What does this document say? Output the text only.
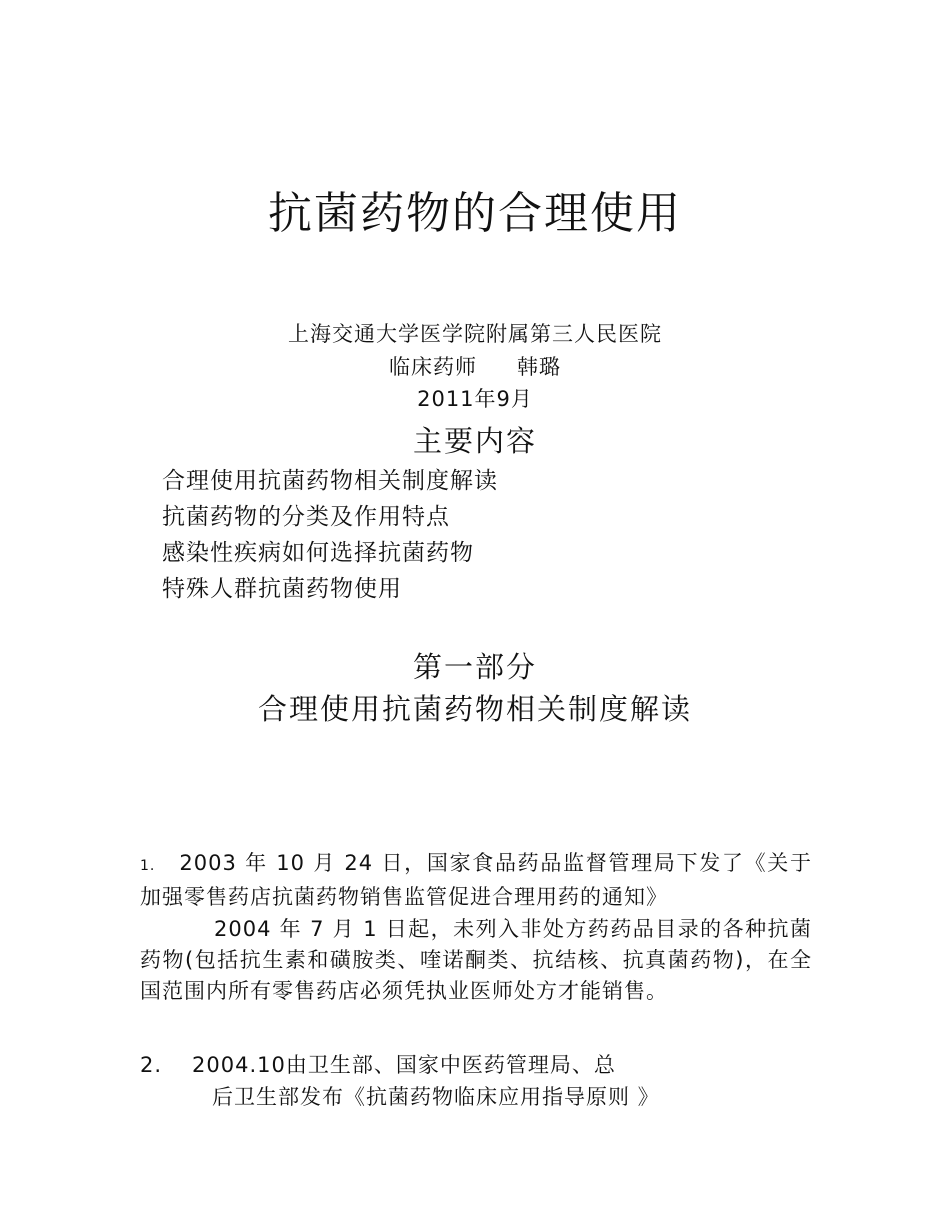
抗菌药物的合理使用
上海交通大学医学院附属第三人民医院
临床药师 韩璐
2011年9月
主要内容
合理使用抗菌药物相关制度解读
抗菌药物的分类及作用特点
感染性疾病如何选择抗菌药物
特殊人群抗菌药物使用
第一部分
合理使用抗菌药物相关制度解读
1. 2003 年 10 月 24 日，国家食品药品监督管理局下发了《关于加强零售药店抗菌药物销售监管促进合理用药的通知》
2004 年 7 月 1 日起，未列入非处方药药品目录的各种抗菌药物(包括抗生素和磺胺类、喹诺酮类、抗结核、抗真菌药物)，在全国范围内所有零售药店必须凭执业医师处方才能销售。
2. 2004.10由卫生部、国家中医药管理局、总
后卫生部发布《抗菌药物临床应用指导原则 》
